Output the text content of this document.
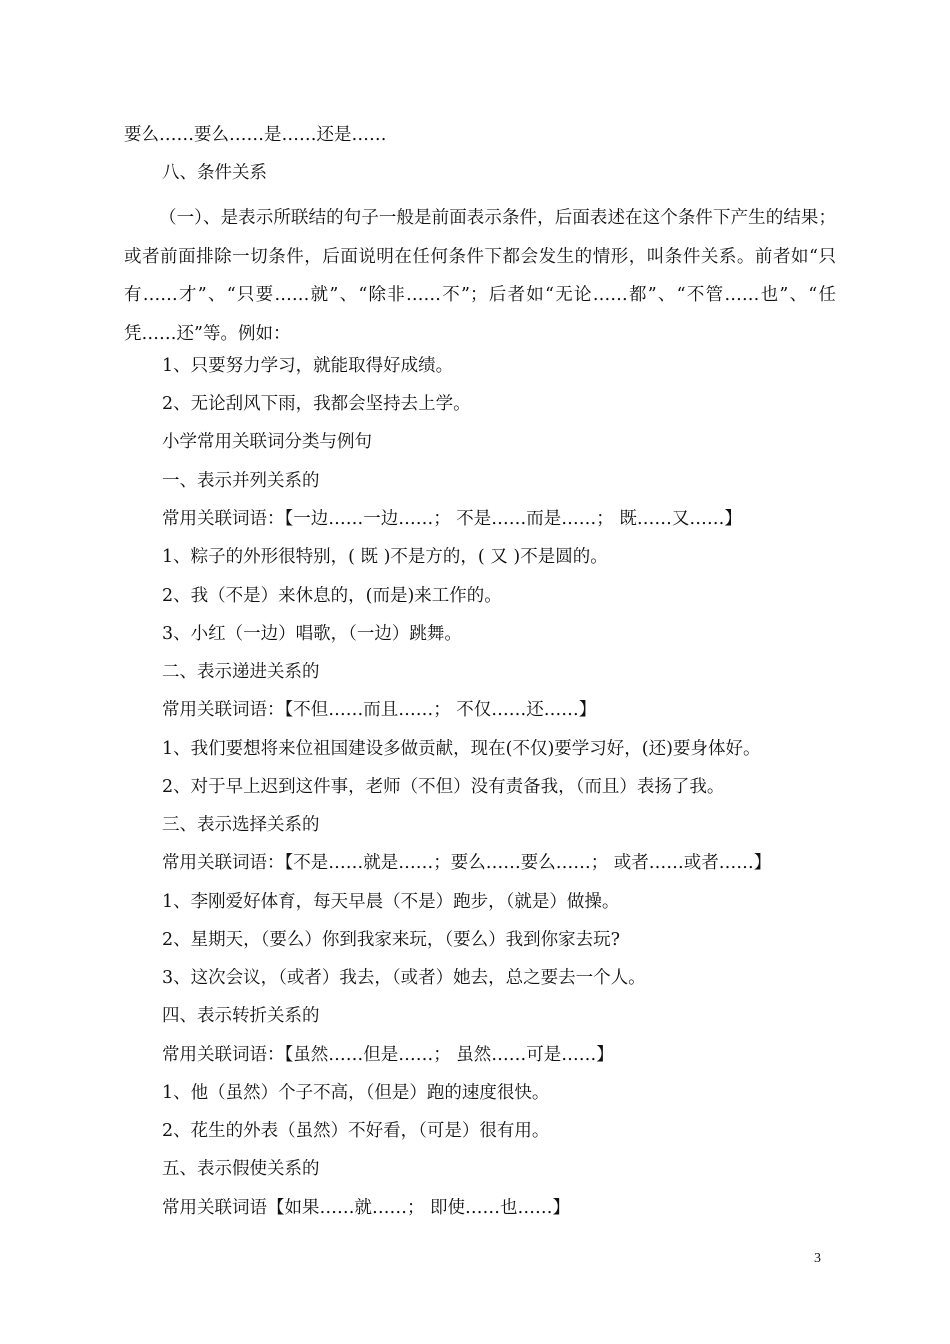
要么……要么……是……还是……
八、条件关系
（一）、是表示所联结的句子一般是前面表示条件，后面表述在这个条件下产生的结果；或者前面排除一切条件，后面说明在任何条件下都会发生的情形，叫条件关系。前者如“只有……才”、“只要……就”、“除非……不”；后者如“无论……都”、“不管……也”、“任凭……还”等。例如：
1、只要努力学习，就能取得好成绩。
2、无论刮风下雨，我都会坚持去上学。
小学常用关联词分类与例句
一、表示并列关系的
常用关联词语：【一边……一边……； 不是……而是……； 既……又……】
1、粽子的外形很特别，( 既 )不是方的，( 又 )不是圆的。
2、我（不是）来休息的，(而是)来工作的。
3、小红（一边）唱歌，（一边）跳舞。
二、表示递进关系的
常用关联词语：【不但……而且……； 不仅……还……】
1、我们要想将来位祖国建设多做贡献，现在(不仅)要学习好，(还)要身体好。
2、对于早上迟到这件事，老师（不但）没有责备我，（而且）表扬了我。
三、表示选择关系的
常用关联词语：【不是……就是……；要么……要么……； 或者……或者……】
1、李刚爱好体育，每天早晨（不是）跑步，（就是）做操。
2、星期天，（要么）你到我家来玩，（要么）我到你家去玩?
3、这次会议，（或者）我去，（或者）她去，总之要去一个人。
四、表示转折关系的
常用关联词语：【虽然……但是……； 虽然……可是……】
1、他（虽然）个子不高，（但是）跑的速度很快。
2、花生的外表（虽然）不好看，（可是）很有用。
五、表示假使关系的
常用关联词语【如果……就……； 即使……也……】
3
